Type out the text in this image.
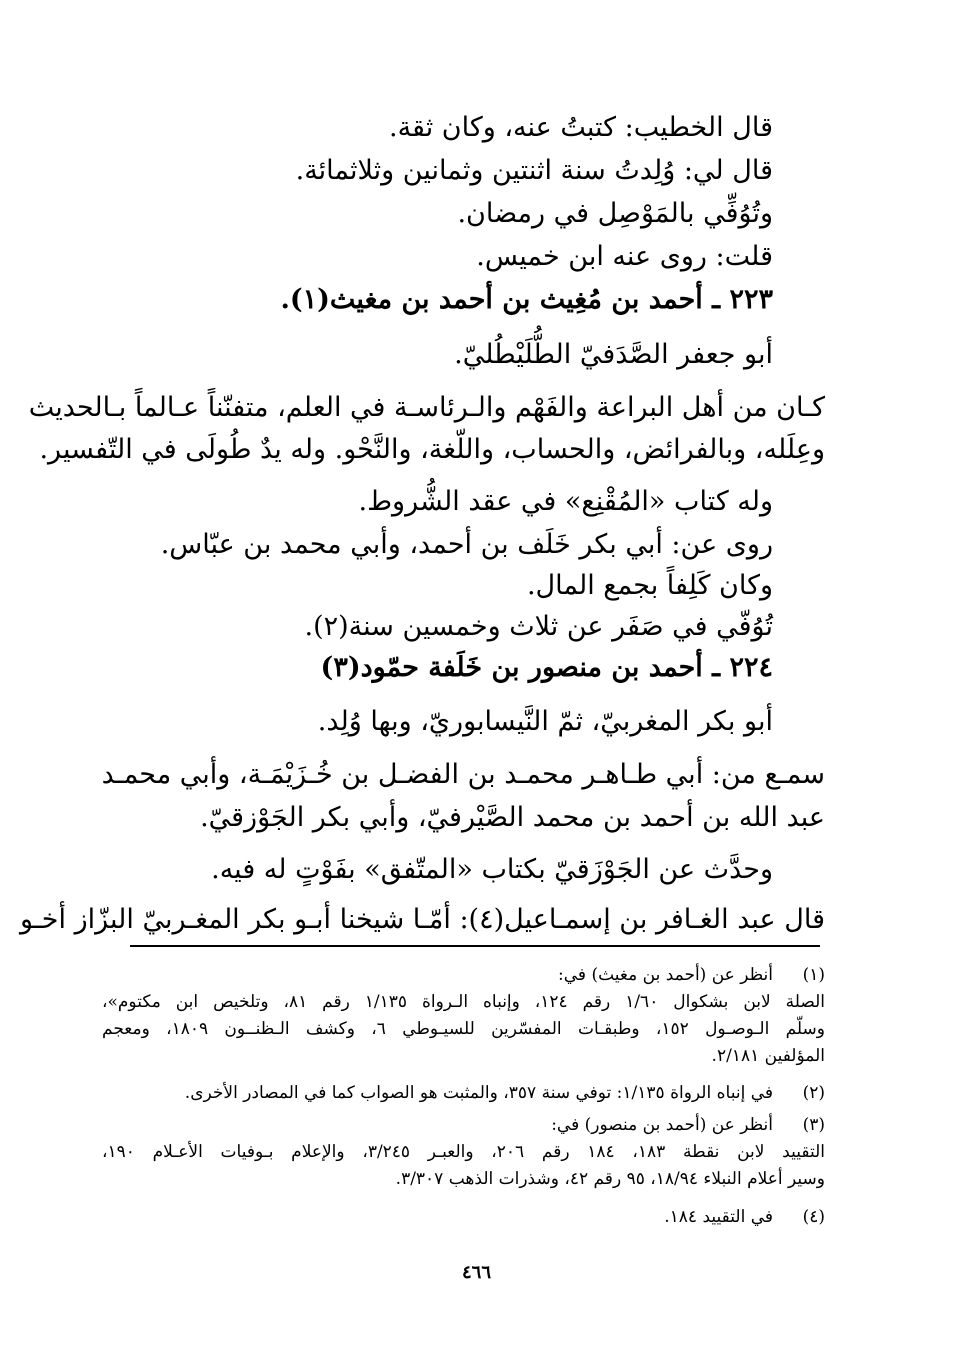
قال الخطيب: كتبتُ عنه، وكان ثقة.
قال لي: وُلِدتُ سنة اثنتين وثمانين وثلاثمائة.
وتُوُفِّي بالمَوْصِل في رمضان.
قلت: روى عنه ابن خميس.
٢٢٣ ـ أحمد بن مُغِيث بن أحمد بن مغيث(١).
أبو جعفر الصَّدَفيّ الطُّلَيْطُليّ.
كـان من أهل البراعة والفَهْم والـرئاسـة في العلم، متفنّناً عـالماً بـالحديث
وعِلَله، وبالفرائض، والحساب، واللّغة، والنَّحْو. وله يدٌ طُولَى في التّفسير.
وله كتاب «المُقْنِع» في عقد الشُّروط.
روى عن: أبي بكر خَلَف بن أحمد، وأبي محمد بن عبّاس.
وكان كَلِفاً بجمع المال.
تُوُفّي في صَفَر عن ثلاث وخمسين سنة(٢).
٢٢٤ ـ أحمد بن منصور بن خَلَفة حمّود(٣)
أبو بكر المغربيّ، ثمّ النَّيسابوريّ، وبها وُلِد.
سمـع من: أبي طـاهـر محمـد بن الفضـل بن خُـزَيْمَـة، وأبي محمـد
عبد الله بن أحمد بن محمد الصَّيْرفيّ، وأبي بكر الجَوْزقيّ.
وحدَّث عن الجَوْزَقيّ بكتاب «المتّفق» بفَوْتٍ له فيه.
قال عبد الغـافر بن إسمـاعيل(٤): أمّـا شيخنا أبـو بكر المغـربيّ البزّاز أخـو
(١)
أنظر عن (أحمد بن مغيث) في:
الصلة لابن بشكوال ١/٦٠ رقم ١٢٤، وإنباه الـرواة ١/١٣٥ رقم ٨١، وتلخيص ابن مكتوم»،
وسلّم الـوصـول ١٥٢، وطبقـات المفسّرين للسيـوطي ٦، وكشف الـظنــون ١٨٠٩، ومعجم
المؤلفين ٢/١٨١.
(٢)
في إنباه الرواة ١/١٣٥: توفي سنة ٣٥٧، والمثبت هو الصواب كما في المصادر الأخرى.
(٣)
أنظر عن (أحمد بن منصور) في:
التقييد لابن نقطة ١٨٣، ١٨٤ رقم ٢٠٦، والعبـر ٣/٢٤٥، والإعلام بـوفيات الأعـلام ١٩٠،
وسير أعلام النبلاء ١٨/٩٤، ٩٥ رقم ٤٢، وشذرات الذهب ٣/٣٠٧.
(٤)
في التقييد ١٨٤.
٤٦٦
